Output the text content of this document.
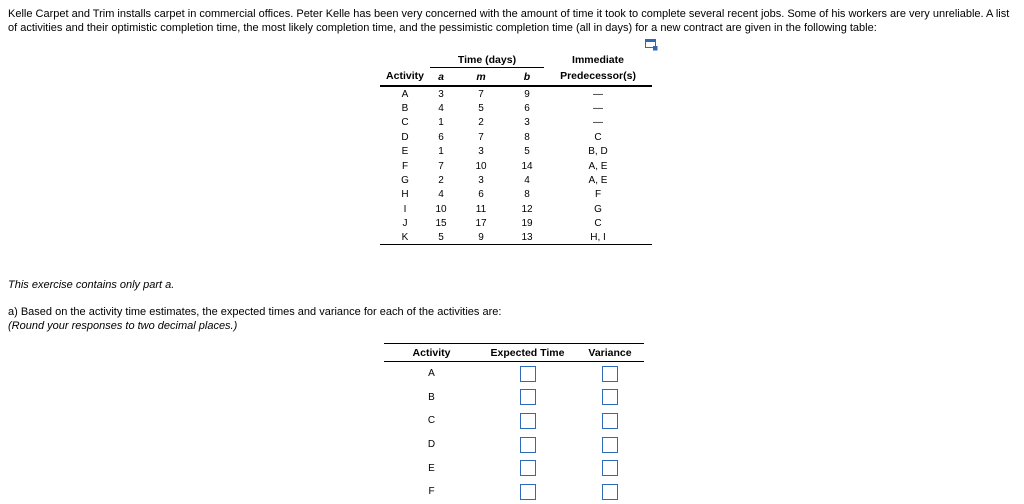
Kelle Carpet and Trim installs carpet in commercial offices. Peter Kelle has been very concerned with the amount of time it took to complete several recent jobs. Some of his workers are very unreliable. A list of activities and their optimistic completion time, the most likely completion time, and the pessimistic completion time (all in days) for a new contract are given in the following table:
	Time (days)			Immediate
Activity	a	m	b	Predecessor(s)
A	3	7	9	—
B	4	5	6	—
C	1	2	3	—
D	6	7	8	C
E	1	3	5	B, D
F	7	10	14	A, E
G	2	3	4	A, E
H	4	6	8	F
I	10	11	12	G
J	15	17	19	C
K	5	9	13	H, I
This exercise contains only part a.
a) Based on the activity time estimates, the expected times and variance for each of the activities are:
(Round your responses to two decimal places.)
Activity	Expected Time	Variance
A		
B		
C		
D		
E		
F		
